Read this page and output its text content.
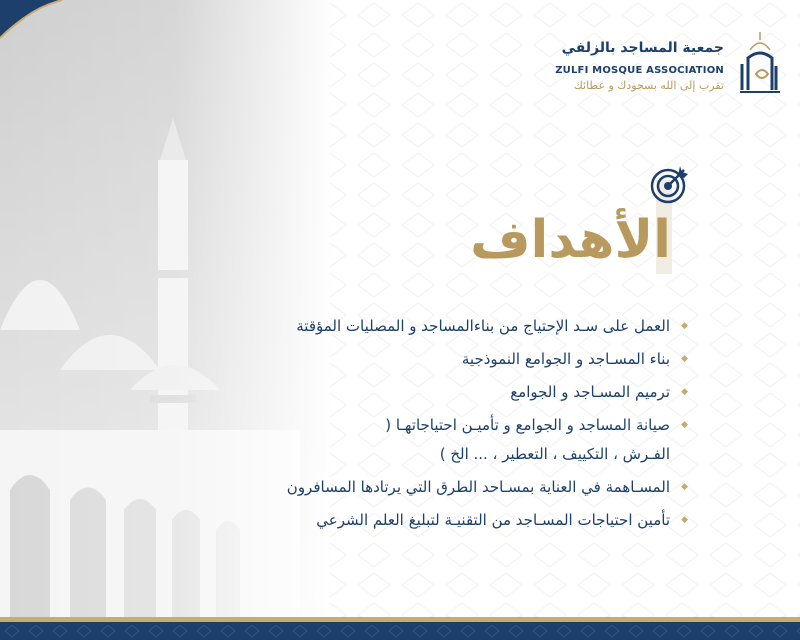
جمعية المساجد بالزلفي
ZULFI MOSQUE ASSOCIATION
تقرب إلى الله بسجودك و عطائك
الأهداف
◆
العمل على سـد الإحتياج من بناءالمساجد و المصليات المؤقتة
◆
بناء المسـاجد و الجوامع النموذجية
◆
ترميم المسـاجد و الجوامع
◆
صيانة المساجد و الجوامع و تأميـن احتياجاتهـا ( الفـرش ، التكييف ، التعطير ، ... الخ )
◆
المسـاهمة في العناية بمسـاحد الطرق التي يرتادها المسافرون
◆
تأمين احتياجات المسـاجد من التقنيـة لتبليغ العلم الشرعي
